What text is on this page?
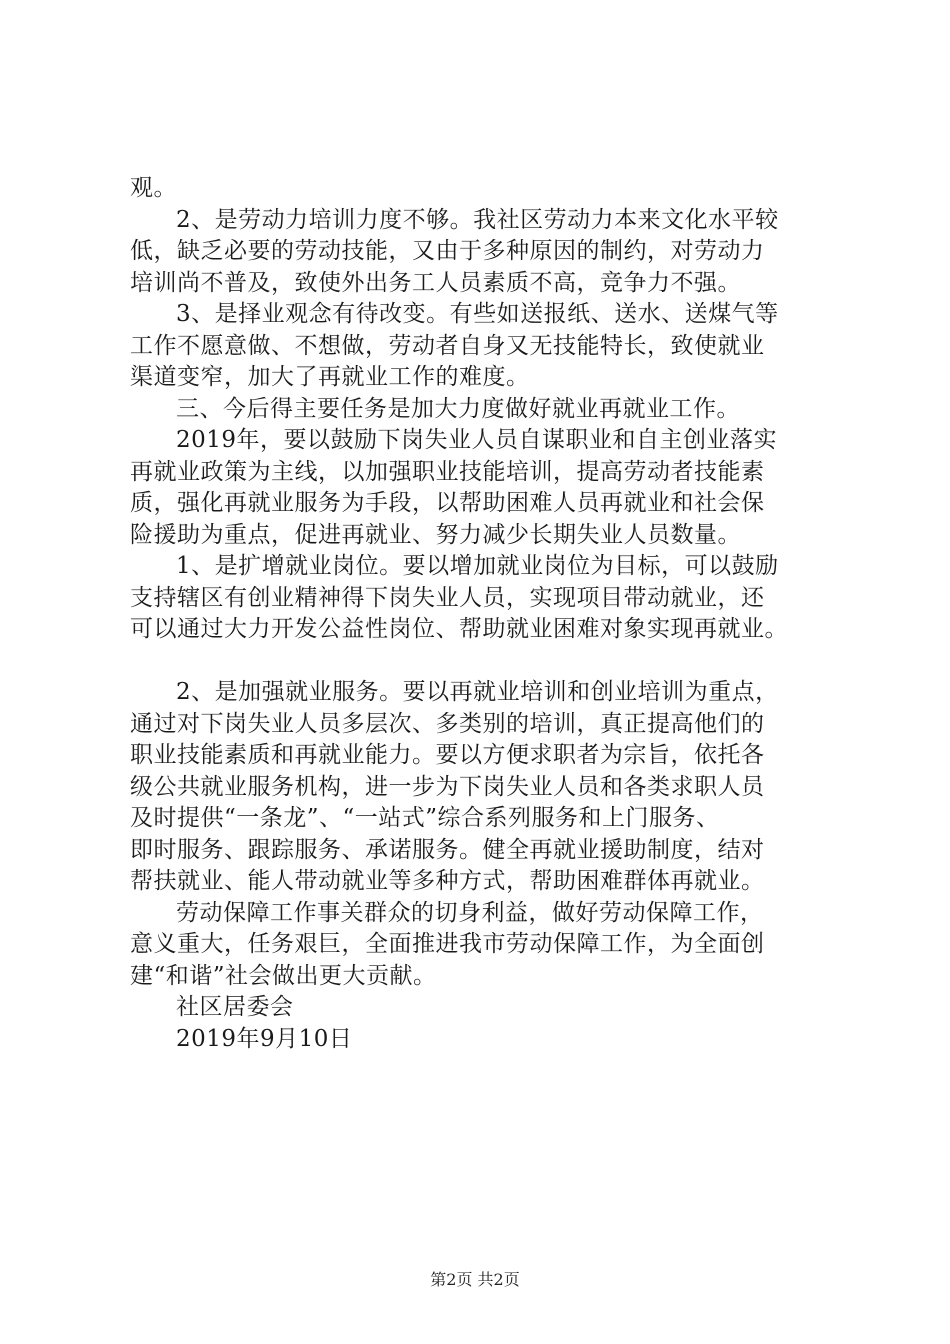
观。
2、是劳动力培训力度不够。我社区劳动力本来文化水平较
低，缺乏必要的劳动技能，又由于多种原因的制约，对劳动力
培训尚不普及，致使外出务工人员素质不高，竞争力不强。
3、是择业观念有待改变。有些如送报纸、送水、送煤气等
工作不愿意做、不想做，劳动者自身又无技能特长，致使就业
渠道变窄，加大了再就业工作的难度。
三、今后得主要任务是加大力度做好就业再就业工作。
2019年，要以鼓励下岗失业人员自谋职业和自主创业落实
再就业政策为主线，以加强职业技能培训，提高劳动者技能素
质，强化再就业服务为手段，以帮助困难人员再就业和社会保
险援助为重点，促进再就业、努力减少长期失业人员数量。
1、是扩增就业岗位。要以增加就业岗位为目标，可以鼓励
支持辖区有创业精神得下岗失业人员，实现项目带动就业，还
可以通过大力开发公益性岗位、帮助就业困难对象实现再就业。
2、是加强就业服务。要以再就业培训和创业培训为重点，
通过对下岗失业人员多层次、多类别的培训，真正提高他们的
职业技能素质和再就业能力。要以方便求职者为宗旨，依托各
级公共就业服务机构，进一步为下岗失业人员和各类求职人员
及时提供“一条龙”、“一站式”综合系列服务和上门服务、
即时服务、跟踪服务、承诺服务。健全再就业援助制度，结对
帮扶就业、能人带动就业等多种方式，帮助困难群体再就业。
劳动保障工作事关群众的切身利益，做好劳动保障工作，
意义重大，任务艰巨，全面推进我市劳动保障工作，为全面创
建“和谐”社会做出更大贡献。
社区居委会
2019年9月10日
第2页 共2页
